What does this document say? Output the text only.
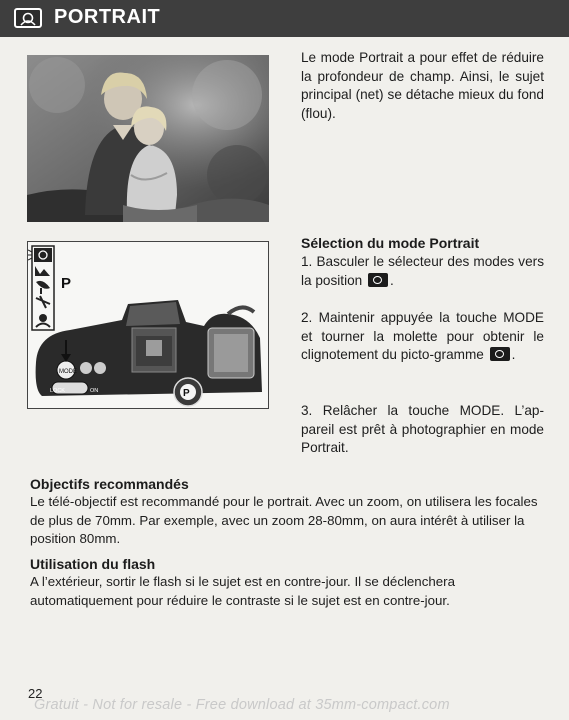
PORTRAIT
P
MODE
LOCK	ON
P
Le mode Portrait a pour effet de réduire la profondeur de champ. Ainsi, le sujet principal (net) se détache mieux du fond (flou).
Sélection du mode Portrait
1. Basculer le sélecteur des modes vers la position .
2. Maintenir appuyée la touche MODE et tourner la molette pour obtenir le clignotement du picto-gramme .
3. Relâcher la touche MODE. L’ap-pareil est prêt à photographier en mode Portrait.
Objectifs recommandés
Le télé-objectif est recommandé pour le portrait. Avec un zoom, on utilisera les focales de plus de 70mm. Par exemple, avec un zoom 28-80mm, on aura intérêt à utiliser la position 80mm.
Utilisation du flash
A l’extérieur, sortir le flash si le sujet est en contre-jour. Il se déclenchera automatiquement pour réduire le contraste si le sujet est en contre-jour.
22
Gratuit - Not for resale - Free download at 35mm-compact.com
